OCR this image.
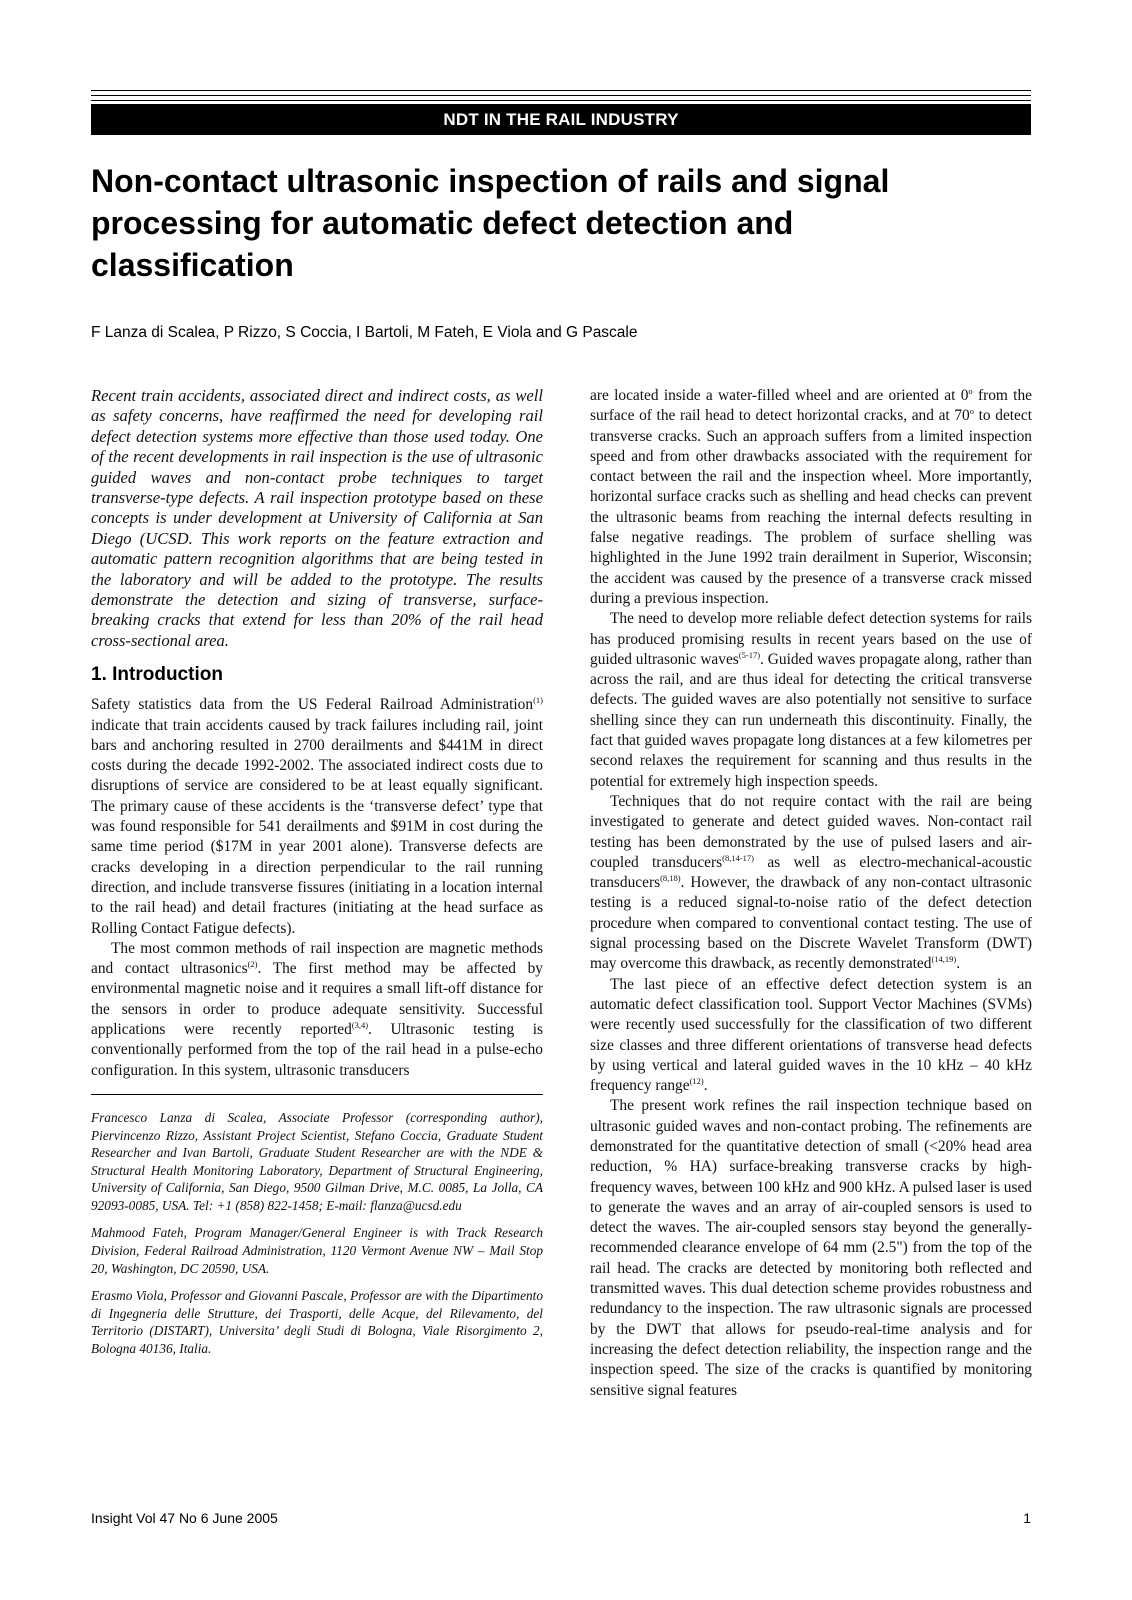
NDT IN THE RAIL INDUSTRY
Non-contact ultrasonic inspection of rails and signal processing for automatic defect detection and classification

F Lanza di Scalea, P Rizzo, S Coccia, I Bartoli, M Fateh, E Viola and G Pascale

Recent train accidents, associated direct and indirect costs, as well as safety concerns, have reaffirmed the need for developing rail defect detection systems more effective than those used today. One of the recent developments in rail inspection is the use of ultrasonic guided waves and non-contact probe techniques to target transverse-type defects. A rail inspection prototype based on these concepts is under development at University of California at San Diego (UCSD. This work reports on the feature extraction and automatic pattern recognition algorithms that are being tested in the laboratory and will be added to the prototype. The results demonstrate the detection and sizing of transverse, surface-breaking cracks that extend for less than 20% of the rail head cross-sectional area.

1. Introduction

Safety statistics data from the US Federal Railroad Administration$^{(1)}$ indicate that train accidents caused by track failures including rail, joint bars and anchoring resulted in 2700 derailments and $441M in direct costs during the decade 1992-2002. The associated indirect costs due to disruptions of service are considered to be at least equally significant. The primary cause of these accidents is the ‘transverse defect’ type that was found responsible for 541 derailments and $91M in cost during the same time period ($17M in year 2001 alone). Transverse defects are cracks developing in a direction perpendicular to the rail running direction, and include transverse fissures (initiating in a location internal to the rail head) and detail fractures (initiating at the head surface as Rolling Contact Fatigue defects).

The most common methods of rail inspection are magnetic methods and contact ultrasonics$^{(2)}$. The first method may be affected by environmental magnetic noise and it requires a small lift-off distance for the sensors in order to produce adequate sensitivity. Successful applications were recently reported$^{(3,4)}$. Ultrasonic testing is conventionally performed from the top of the rail head in a pulse-echo configuration. In this system, ultrasonic transducers

Francesco Lanza di Scalea, Associate Professor (corresponding author), Piervincenzo Rizzo, Assistant Project Scientist, Stefano Coccia, Graduate Student Researcher and Ivan Bartoli, Graduate Student Researcher are with the NDE & Structural Health Monitoring Laboratory, Department of Structural Engineering, University of California, San Diego, 9500 Gilman Drive, M.C. 0085, La Jolla, CA 92093-0085, USA. Tel: +1 (858) 822-1458; E-mail: flanza@ucsd.edu

Mahmood Fateh, Program Manager/General Engineer is with Track Research Division, Federal Railroad Administration, 1120 Vermont Avenue NW – Mail Stop 20, Washington, DC 20590, USA.

Erasmo Viola, Professor and Giovanni Pascale, Professor are with the Dipartimento di Ingegneria delle Strutture, dei Trasporti, delle Acque, del Rilevamento, del Territorio (DISTART), Universita’ degli Studi di Bologna, Viale Risorgimento 2, Bologna 40136, Italia.

are located inside a water-filled wheel and are oriented at 0$^o$ from the surface of the rail head to detect horizontal cracks, and at 70$^o$ to detect transverse cracks. Such an approach suffers from a limited inspection speed and from other drawbacks associated with the requirement for contact between the rail and the inspection wheel. More importantly, horizontal surface cracks such as shelling and head checks can prevent the ultrasonic beams from reaching the internal defects resulting in false negative readings. The problem of surface shelling was highlighted in the June 1992 train derailment in Superior, Wisconsin; the accident was caused by the presence of a transverse crack missed during a previous inspection.

The need to develop more reliable defect detection systems for rails has produced promising results in recent years based on the use of guided ultrasonic waves$^{(5-17)}$. Guided waves propagate along, rather than across the rail, and are thus ideal for detecting the critical transverse defects. The guided waves are also potentially not sensitive to surface shelling since they can run underneath this discontinuity. Finally, the fact that guided waves propagate long distances at a few kilometres per second relaxes the requirement for scanning and thus results in the potential for extremely high inspection speeds.

Techniques that do not require contact with the rail are being investigated to generate and detect guided waves. Non-contact rail testing has been demonstrated by the use of pulsed lasers and air-coupled transducers$^{(8,14-17)}$ as well as electro-mechanical-acoustic transducers$^{(8,18)}$. However, the drawback of any non-contact ultrasonic testing is a reduced signal-to-noise ratio of the defect detection procedure when compared to conventional contact testing. The use of signal processing based on the Discrete Wavelet Transform (DWT) may overcome this drawback, as recently demonstrated$^{(14,19)}$.

The last piece of an effective defect detection system is an automatic defect classification tool. Support Vector Machines (SVMs) were recently used successfully for the classification of two different size classes and three different orientations of transverse head defects by using vertical and lateral guided waves in the 10 kHz – 40 kHz frequency range$^{(12)}$.

The present work refines the rail inspection technique based on ultrasonic guided waves and non-contact probing. The refinements are demonstrated for the quantitative detection of small (<20% head area reduction, % HA) surface-breaking transverse cracks by high-frequency waves, between 100 kHz and 900 kHz. A pulsed laser is used to generate the waves and an array of air-coupled sensors is used to detect the waves. The air-coupled sensors stay beyond the generally-recommended clearance envelope of 64 mm (2.5") from the top of the rail head. The cracks are detected by monitoring both reflected and transmitted waves. This dual detection scheme provides robustness and redundancy to the inspection. The raw ultrasonic signals are processed by the DWT that allows for pseudo-real-time analysis and for increasing the defect detection reliability, the inspection range and the inspection speed. The size of the cracks is quantified by monitoring sensitive signal features

Insight Vol 47 No 6 June 2005	1
